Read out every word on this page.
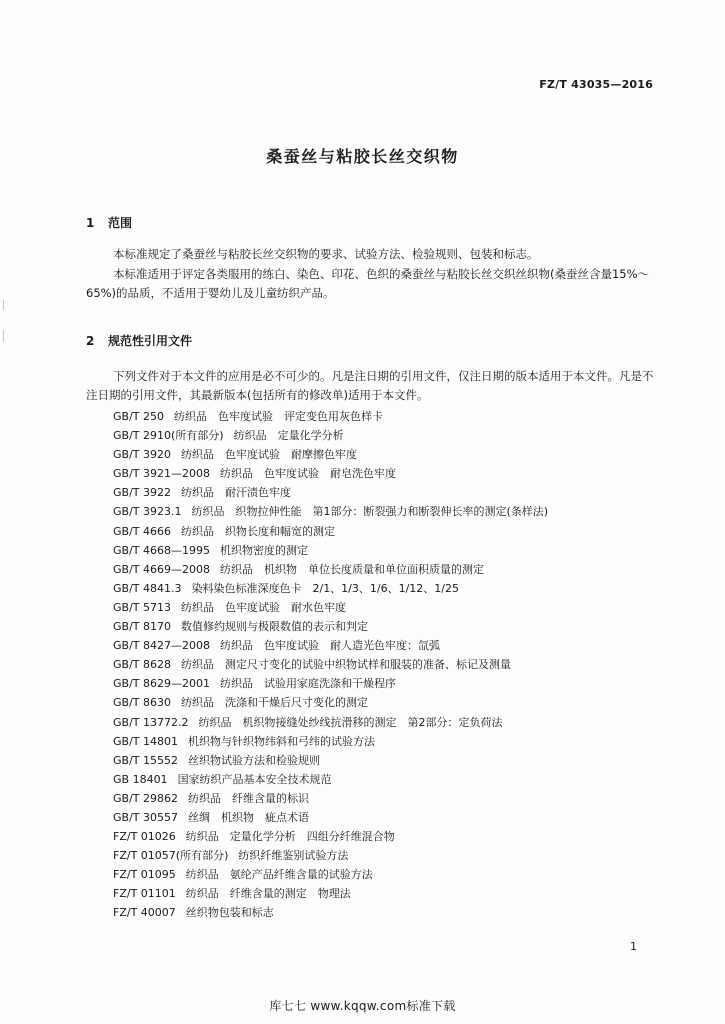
FZ/T 43035—2016
桑蚕丝与粘胶长丝交织物
1 范围

本标准规定了桑蚕丝与粘胶长丝交织物的要求、试验方法、检验规则、包装和标志。

本标准适用于评定各类服用的练白、染色、印花、色织的桑蚕丝与粘胶长丝交织丝织物(桑蚕丝含量15%～65%)的品质，不适用于婴幼儿及儿童纺织产品。

2 规范性引用文件

下列文件对于本文件的应用是必不可少的。凡是注日期的引用文件，仅注日期的版本适用于本文件。凡是不注日期的引用文件，其最新版本(包括所有的修改单)适用于本文件。

GB/T 250 纺织品　色牢度试验　评定变色用灰色样卡
GB/T 2910(所有部分) 纺织品　定量化学分析
GB/T 3920 纺织品　色牢度试验　耐摩擦色牢度
GB/T 3921—2008 纺织品　色牢度试验　耐皂洗色牢度
GB/T 3922 纺织品　耐汗渍色牢度
GB/T 3923.1 纺织品　织物拉伸性能　第1部分：断裂强力和断裂伸长率的测定(条样法)
GB/T 4666 纺织品　织物长度和幅宽的测定
GB/T 4668—1995 机织物密度的测定
GB/T 4669—2008 纺织品　机织物　单位长度质量和单位面积质量的测定
GB/T 4841.3 染料染色标准深度色卡　2/1、1/3、1/6、1/12、1/25
GB/T 5713 纺织品　色牢度试验　耐水色牢度
GB/T 8170 数值修约规则与极限数值的表示和判定
GB/T 8427—2008 纺织品　色牢度试验　耐人造光色牢度：氙弧
GB/T 8628 纺织品　测定尺寸变化的试验中织物试样和服装的准备、标记及测量
GB/T 8629—2001 纺织品　试验用家庭洗涤和干燥程序
GB/T 8630 纺织品　洗涤和干燥后尺寸变化的测定
GB/T 13772.2 纺织品　机织物接缝处纱线抗滑移的测定　第2部分：定负荷法
GB/T 14801 机织物与针织物纬斜和弓纬的试验方法
GB/T 15552 丝织物试验方法和检验规则
GB 18401 国家纺织产品基本安全技术规范
GB/T 29862 纺织品　纤维含量的标识
GB/T 30557 丝绸　机织物　疵点术语
FZ/T 01026 纺织品　定量化学分析　四组分纤维混合物
FZ/T 01057(所有部分) 纺织纤维鉴别试验方法
FZ/T 01095 纺织品　氨纶产品纤维含量的试验方法
FZ/T 01101 纺织品　纤维含量的测定　物理法
FZ/T 40007 丝织物包装和标志
1
库七七 www.kqqw.com标准下载
